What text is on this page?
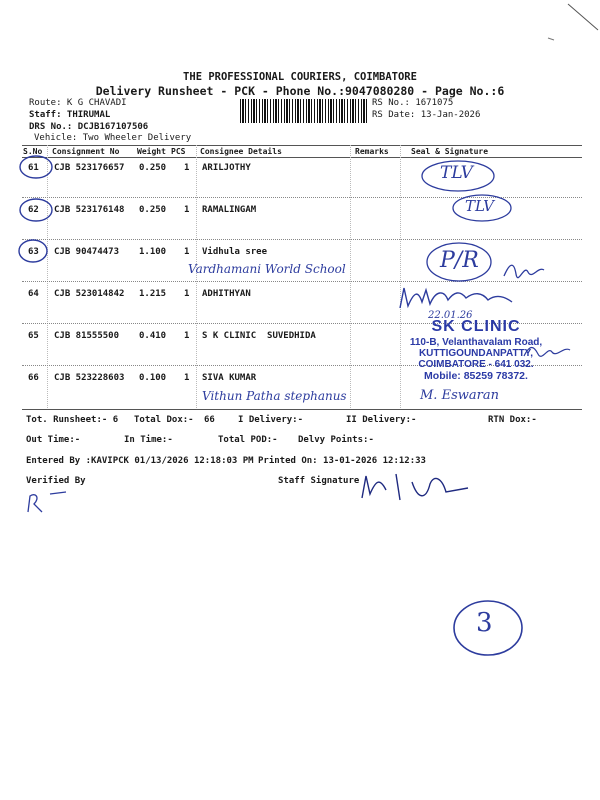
THE PROFESSIONAL COURIERS, COIMBATORE
Delivery Runsheet - PCK - Phone No.:9047080280 - Page No.:6
Route: K G CHAVADI
Staff: THIRUMAL
DRS No.: DCJB167107506
Vehicle: Two Wheeler Delivery
RS No.: 1671075
RS Date: 13-Jan-2026
S.No Consignment No Weight PCS Consignee Details	Remarks	Seal & Signature
61 CJB 523176657 0.250 1 ARILJOTHY
62 CJB 523176148 0.250 1 RAMALINGAM
63 CJB 90474473 1.100 1 Vidhula sree
64 CJB 523014842 1.215 1 ADHITHYAN
65 CJB 81555500 0.410 1 S K CLINIC  SUVEDHIDA
66 CJB 523228603 0.100 1 SIVA KUMAR
Tot. Runsheet:- 6 Total Dox:- 66	I Delivery:-	II Delivery:-	RTN Dox:-
Out Time:-	In Time:-	Total POD:- Delvy Points:-
Entered By :KAVIPCK 01/13/2026 12:18:03 PM Printed On: 13-01-2026 12:12:33
Verified By	Staff Signature
TLV
TLV
Vardhamani World School	P/R
22.01.26
SK CLINIC
110-B, Velanthavalam Road,
KUTTIGOUNDANPATTY,
COIMBATORE - 641 032.
Mobile: 85259 78372.
Vithun Patha stephanus	M. Eswaran
3
